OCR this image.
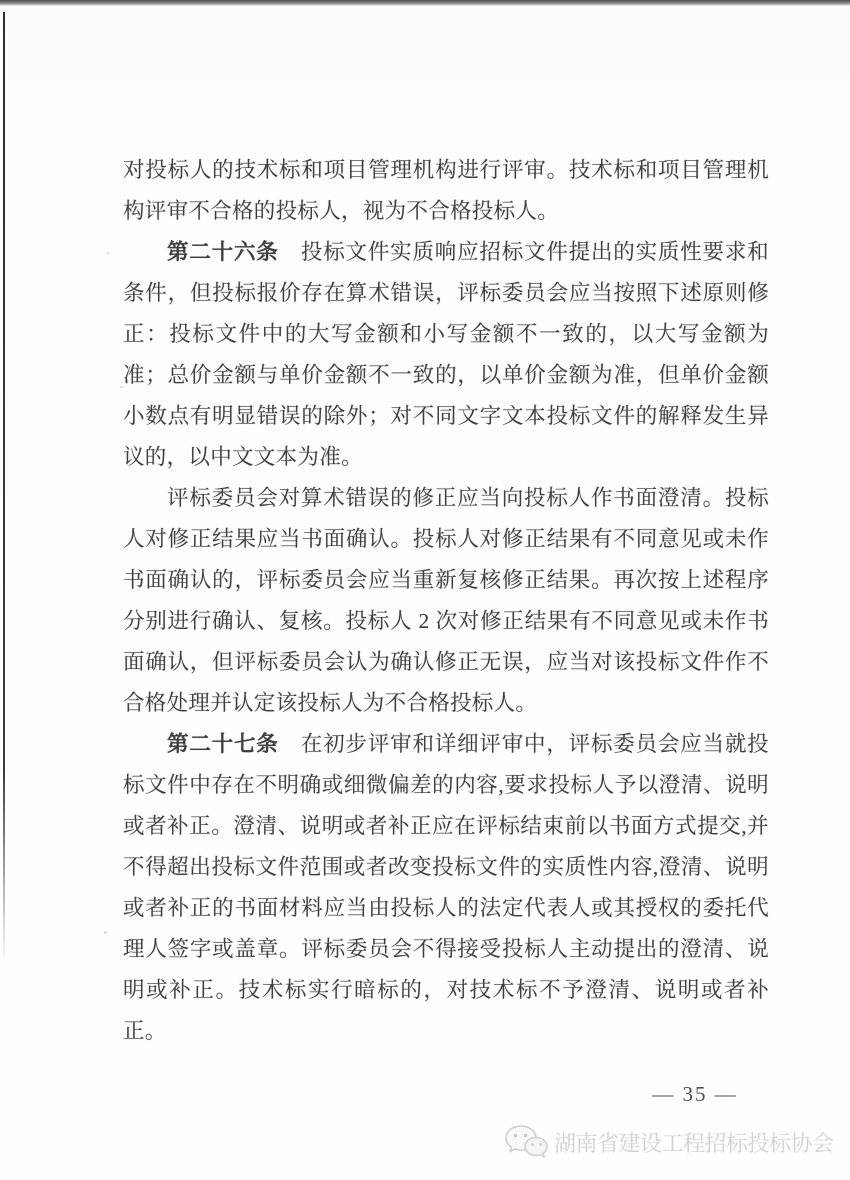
对投标人的技术标和项目管理机构进行评审。技术标和项目管理机构评审不合格的投标人，视为不合格投标人。

第二十六条　投标文件实质响应招标文件提出的实质性要求和条件，但投标报价存在算术错误，评标委员会应当按照下述原则修正：投标文件中的大写金额和小写金额不一致的，以大写金额为准；总价金额与单价金额不一致的，以单价金额为准，但单价金额小数点有明显错误的除外；对不同文字文本投标文件的解释发生异议的，以中文文本为准。

评标委员会对算术错误的修正应当向投标人作书面澄清。投标人对修正结果应当书面确认。投标人对修正结果有不同意见或未作书面确认的，评标委员会应当重新复核修正结果。再次按上述程序分别进行确认、复核。投标人 2 次对修正结果有不同意见或未作书面确认，但评标委员会认为确认修正无误，应当对该投标文件作不合格处理并认定该投标人为不合格投标人。

第二十七条　在初步评审和详细评审中，评标委员会应当就投标文件中存在不明确或细微偏差的内容,要求投标人予以澄清、说明或者补正。澄清、说明或者补正应在评标结束前以书面方式提交,并不得超出投标文件范围或者改变投标文件的实质性内容,澄清、说明或者补正的书面材料应当由投标人的法定代表人或其授权的委托代理人签字或盖章。评标委员会不得接受投标人主动提出的澄清、说明或补正。技术标实行暗标的，对技术标不予澄清、说明或者补正。

— 35 —
湖南省建设工程招标投标协会
